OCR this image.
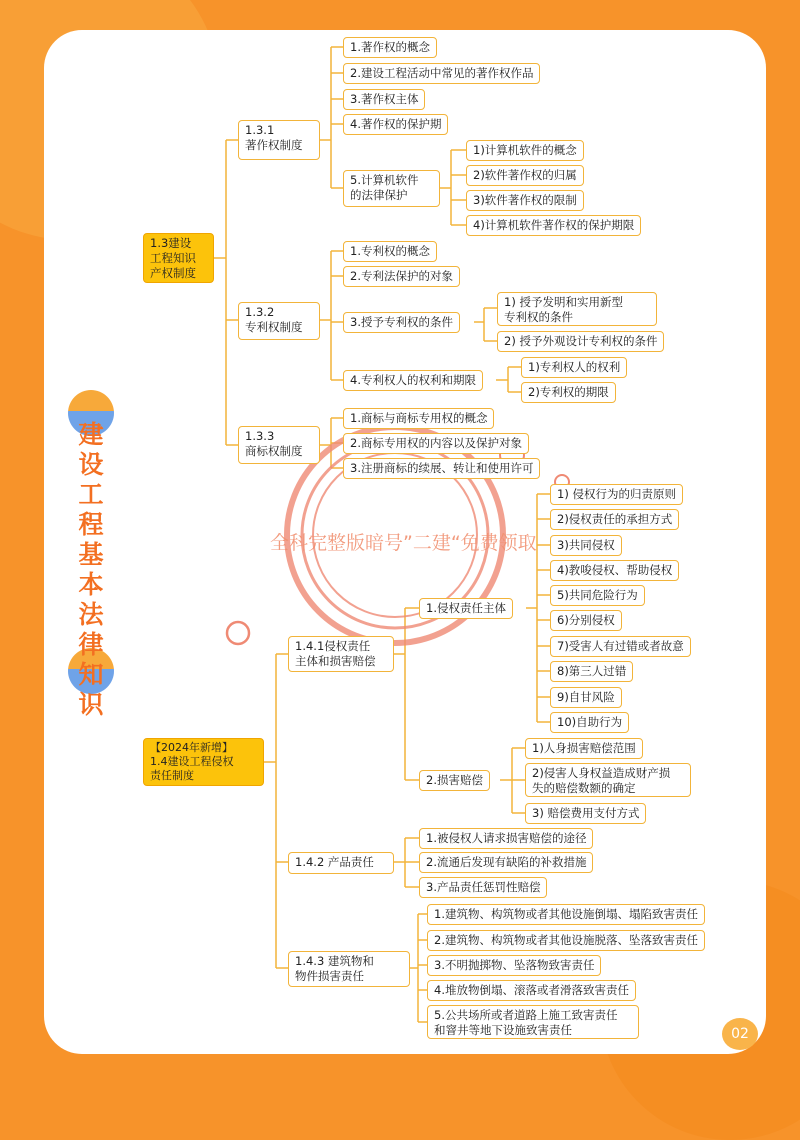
建设工程基本法律知识
1.3建设
工程知识
产权制度
1.3.1
著作权制度
1.著作权的概念
2.建设工程活动中常见的著作权作品
3.著作权主体
4.著作权的保护期
5.计算机软件
的法律保护
1)计算机软件的概念
2)软件著作权的归属
3)软件著作权的限制
4)计算机软件著作权的保护期限
1.3.2
专利权制度
1.专利权的概念
2.专利法保护的对象
3.授予专利权的条件
1) 授予发明和实用新型
专利权的条件
2) 授予外观设计专利权的条件
4.专利权人的权利和期限
1)专利权人的权利
2)专利权的期限
1.3.3
商标权制度
1.商标与商标专用权的概念
2.商标专用权的内容以及保护对象
3.注册商标的续展、转让和使用许可
【2024年新增】
1.4建设工程侵权
责任制度
1.4.1侵权责任
主体和损害赔偿
1.侵权责任主体
1) 侵权行为的归责原则
2)侵权责任的承担方式
3)共同侵权
4)教唆侵权、帮助侵权
5)共同危险行为
6)分别侵权
7)受害人有过错或者故意
8)第三人过错
9)自甘风险
10)自助行为
2.损害赔偿
1)人身损害赔偿范围
2)侵害人身权益造成财产损
失的赔偿数额的确定
3) 赔偿费用支付方式
1.4.2 产品责任
1.被侵权人请求损害赔偿的途径
2.流通后发现有缺陷的补救措施
3.产品责任惩罚性赔偿
1.4.3 建筑物和
物件损害责任
1.建筑物、构筑物或者其他设施倒塌、塌陷致害责任
2.建筑物、构筑物或者其他设施脱落、坠落致害责任
3.不明抛掷物、坠落物致害责任
4.堆放物倒塌、滚落或者滑落致害责任
5.公共场所或者道路上施工致害责任
和窨井等地下设施致害责任
全科完整版暗号”二建“免费领取
02
